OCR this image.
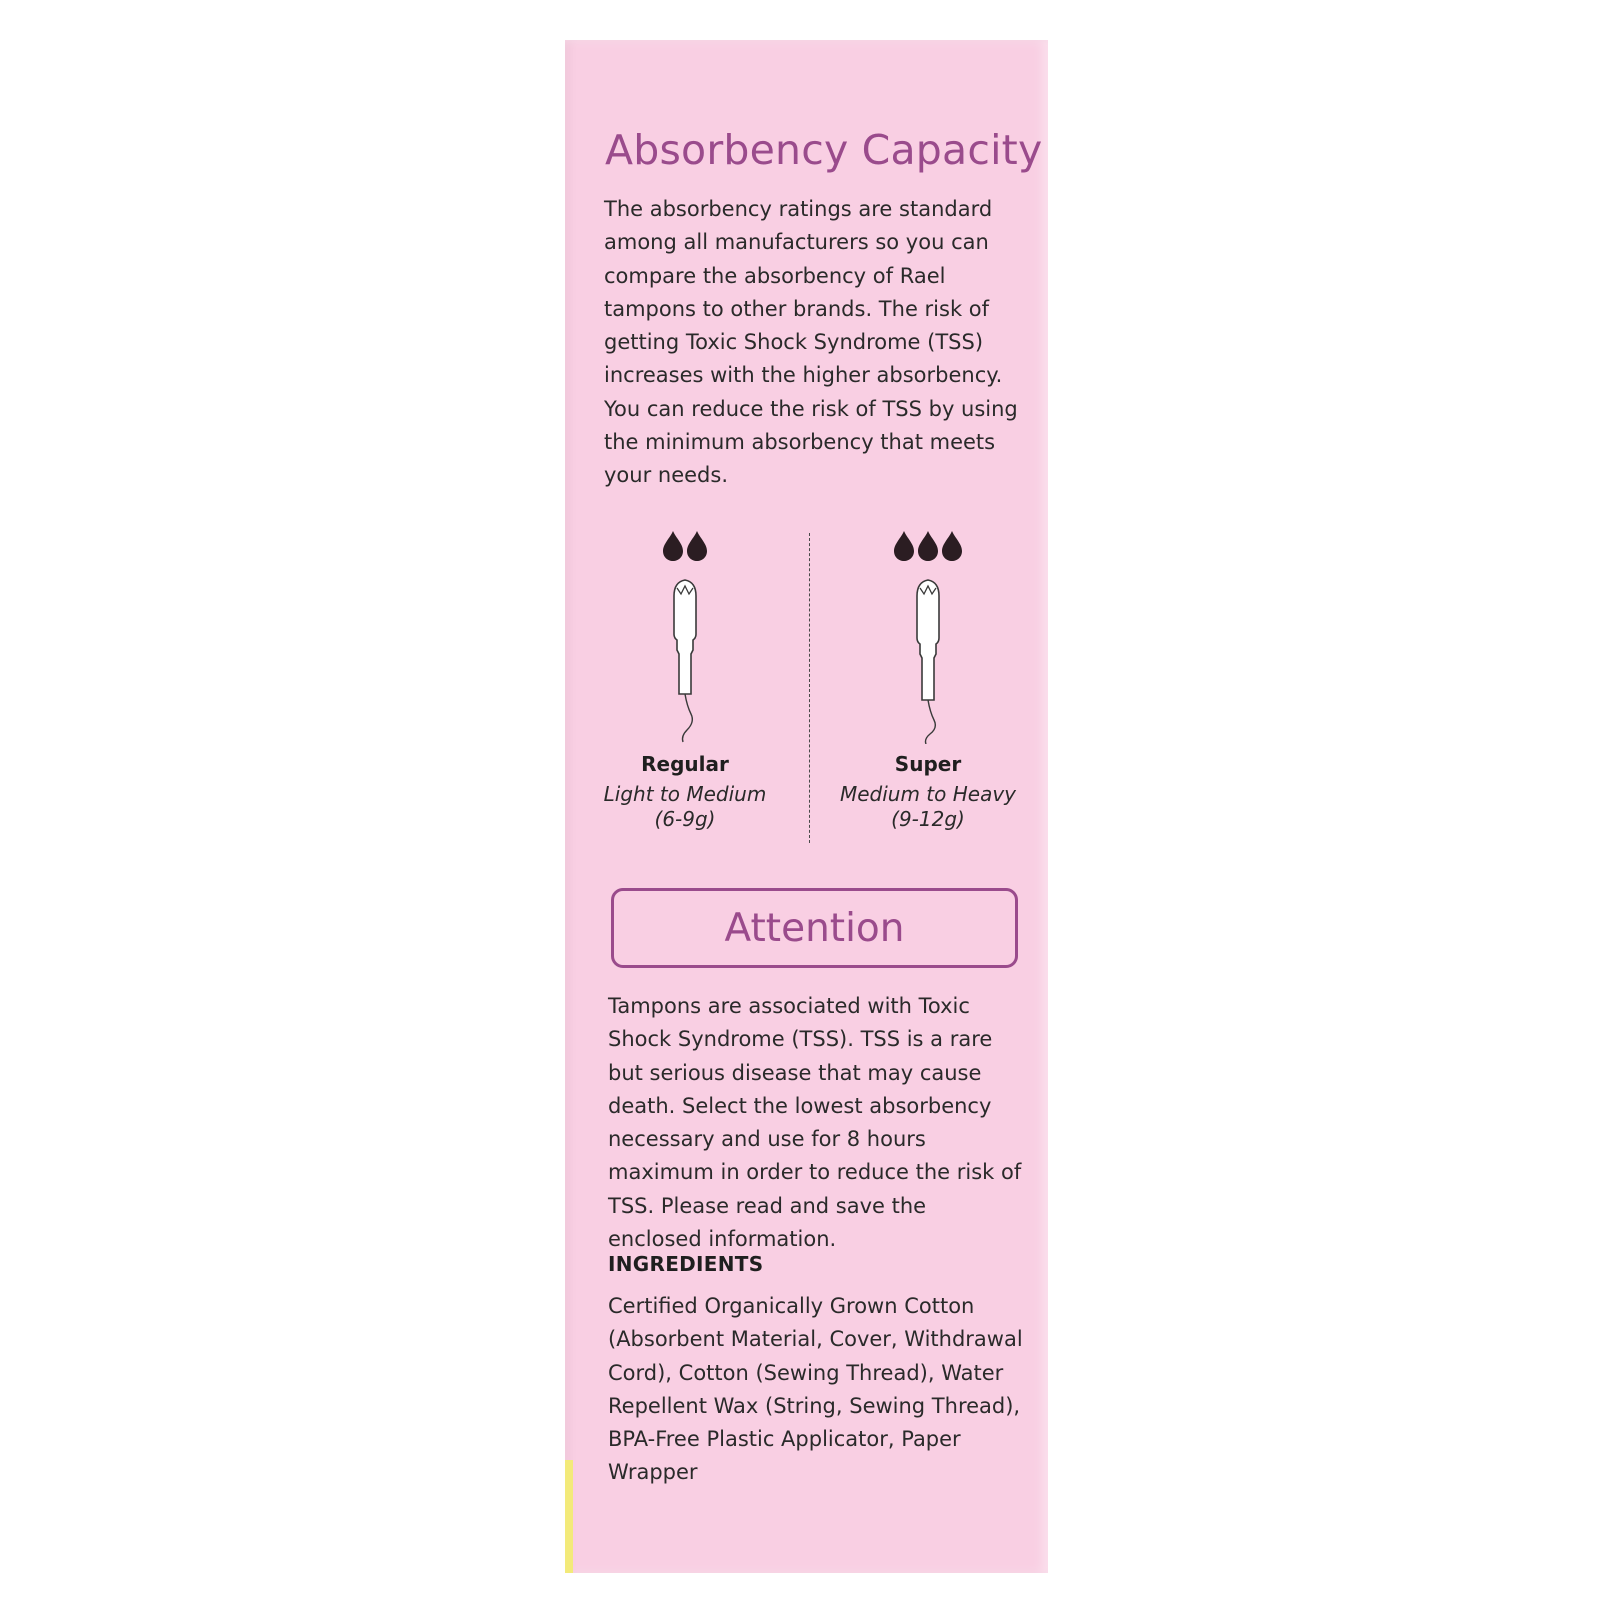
Absorbency Capacity
The absorbency ratings are standard among all manufacturers so you can compare the absorbency of Rael tampons to other brands. The risk of getting Toxic Shock Syndrome (TSS) increases with the higher absorbency. You can reduce the risk of TSS by using the minimum absorbency that meets your needs.
Regular
Light to Medium
(6-9g)
Super
Medium to Heavy
(9-12g)
Attention
Tampons are associated with Toxic Shock Syndrome (TSS). TSS is a rare but serious disease that may cause death. Select the lowest absorbency necessary and use for 8 hours maximum in order to reduce the risk of TSS. Please read and save the enclosed information.
INGREDIENTS
Certified Organically Grown Cotton (Absorbent Material, Cover, Withdrawal Cord), Cotton (Sewing Thread), Water Repellent Wax (String, Sewing Thread), BPA-Free Plastic Applicator, Paper Wrapper
